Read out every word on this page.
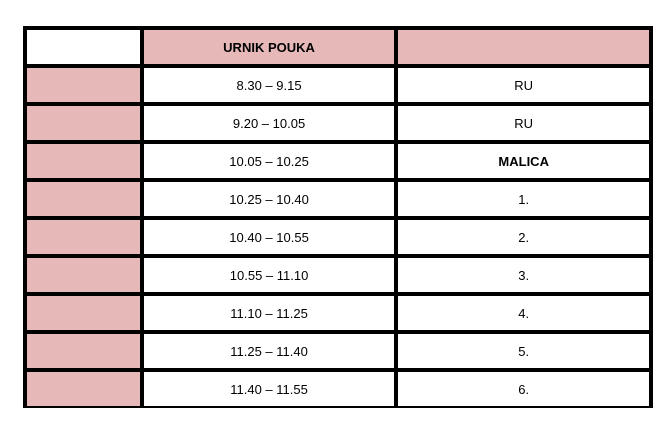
	URNIK POUKA	
	8.30 – 9.15	RU
	9.20 – 10.05	RU
	10.05 – 10.25	MALICA
	10.25 – 10.40	1.
	10.40 – 10.55	2.
	10.55 – 11.10	3.
	11.10 – 11.25	4.
	11.25 – 11.40	5.
	11.40 – 11.55	6.
